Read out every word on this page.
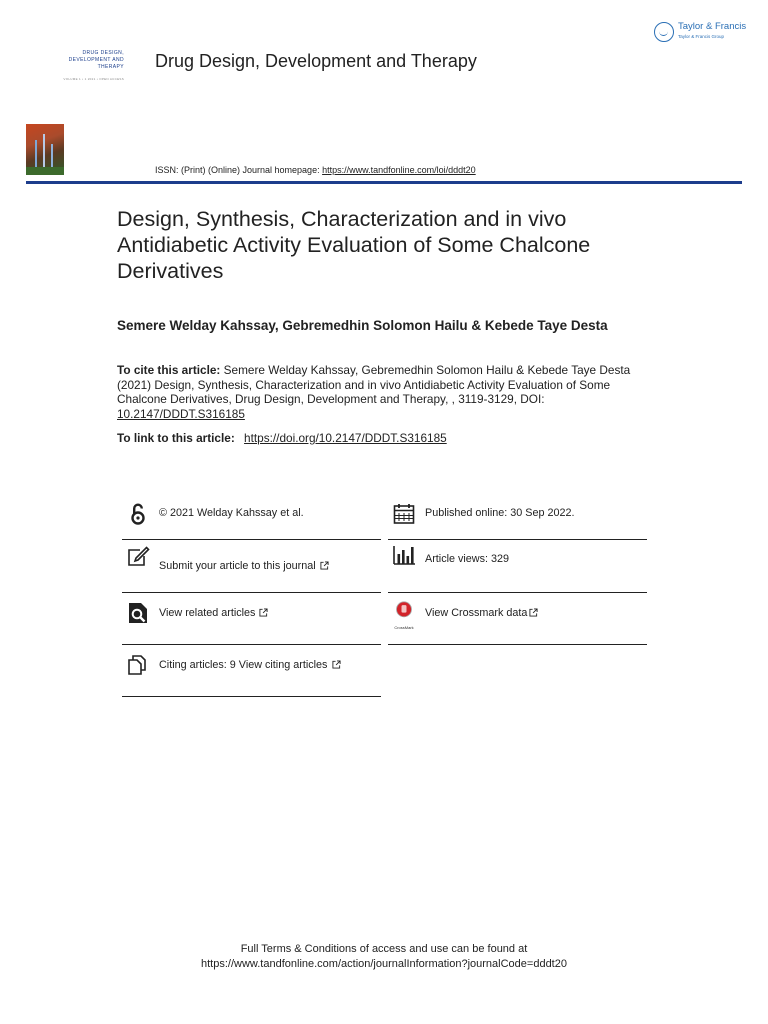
Taylor & Francis
Taylor & Francis Group
DRUG DESIGN, DEVELOPMENT AND THERAPY
VOLUME 1 • 1 2021 • OPEN ACCESS
Drug Design, Development and Therapy
ISSN: (Print) (Online) Journal homepage: https://www.tandfonline.com/loi/dddt20
Design, Synthesis, Characterization and in vivo Antidiabetic Activity Evaluation of Some Chalcone Derivatives
Semere Welday Kahssay, Gebremedhin Solomon Hailu & Kebede Taye Desta
To cite this article: Semere Welday Kahssay, Gebremedhin Solomon Hailu & Kebede Taye Desta (2021) Design, Synthesis, Characterization and in vivo Antidiabetic Activity Evaluation of Some Chalcone Derivatives, Drug Design, Development and Therapy, , 3119-3129, DOI: 10.2147/DDDT.S316185
To link to this article: https://doi.org/10.2147/DDDT.S316185
© 2021 Welday Kahssay et al.	Published online: 30 Sep 2022.
Submit your article to this journal
Article views: 329
View related articles
CrossMark
View Crossmark data
Citing articles: 9 View citing articles
Full Terms & Conditions of access and use can be found at
https://www.tandfonline.com/action/journalInformation?journalCode=dddt20
